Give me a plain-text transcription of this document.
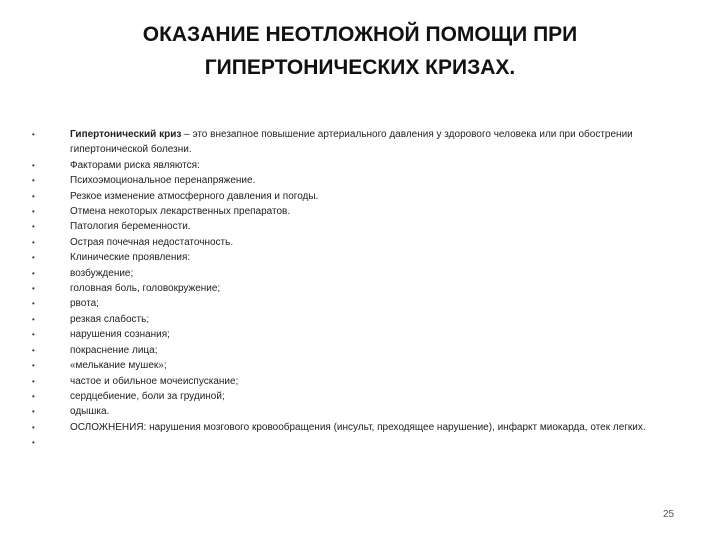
ОКАЗАНИЕ НЕОТЛОЖНОЙ ПОМОЩИ ПРИ
ГИПЕРТОНИЧЕСКИХ КРИЗАХ.
•	Гипертонический криз – это внезапное повышение артериального давления у здорового человека или при обострении гипертонической болезни.
•	Факторами риска являются:
•	Психоэмоциональное перенапряжение.
•	Резкое изменение атмосферного давления и погоды.
•	Отмена некоторых лекарственных препаратов.
•	Патология беременности.
•	Острая почечная недостаточность.
•	Клинические проявления:
•	возбуждение;
•	головная боль, головокружение;
•	рвота;
•	резкая слабость;
•	нарушения сознания;
•	покраснение лица;
•	«мелькание мушек»;
•	частое и обильное мочеиспускание;
•	сердцебиение, боли за грудиной;
•	одышка.
•	ОСЛОЖНЕНИЯ: нарушения мозгового кровообращения (инсульт, преходящее нарушение), инфаркт миокарда, отек легких.
•
25
